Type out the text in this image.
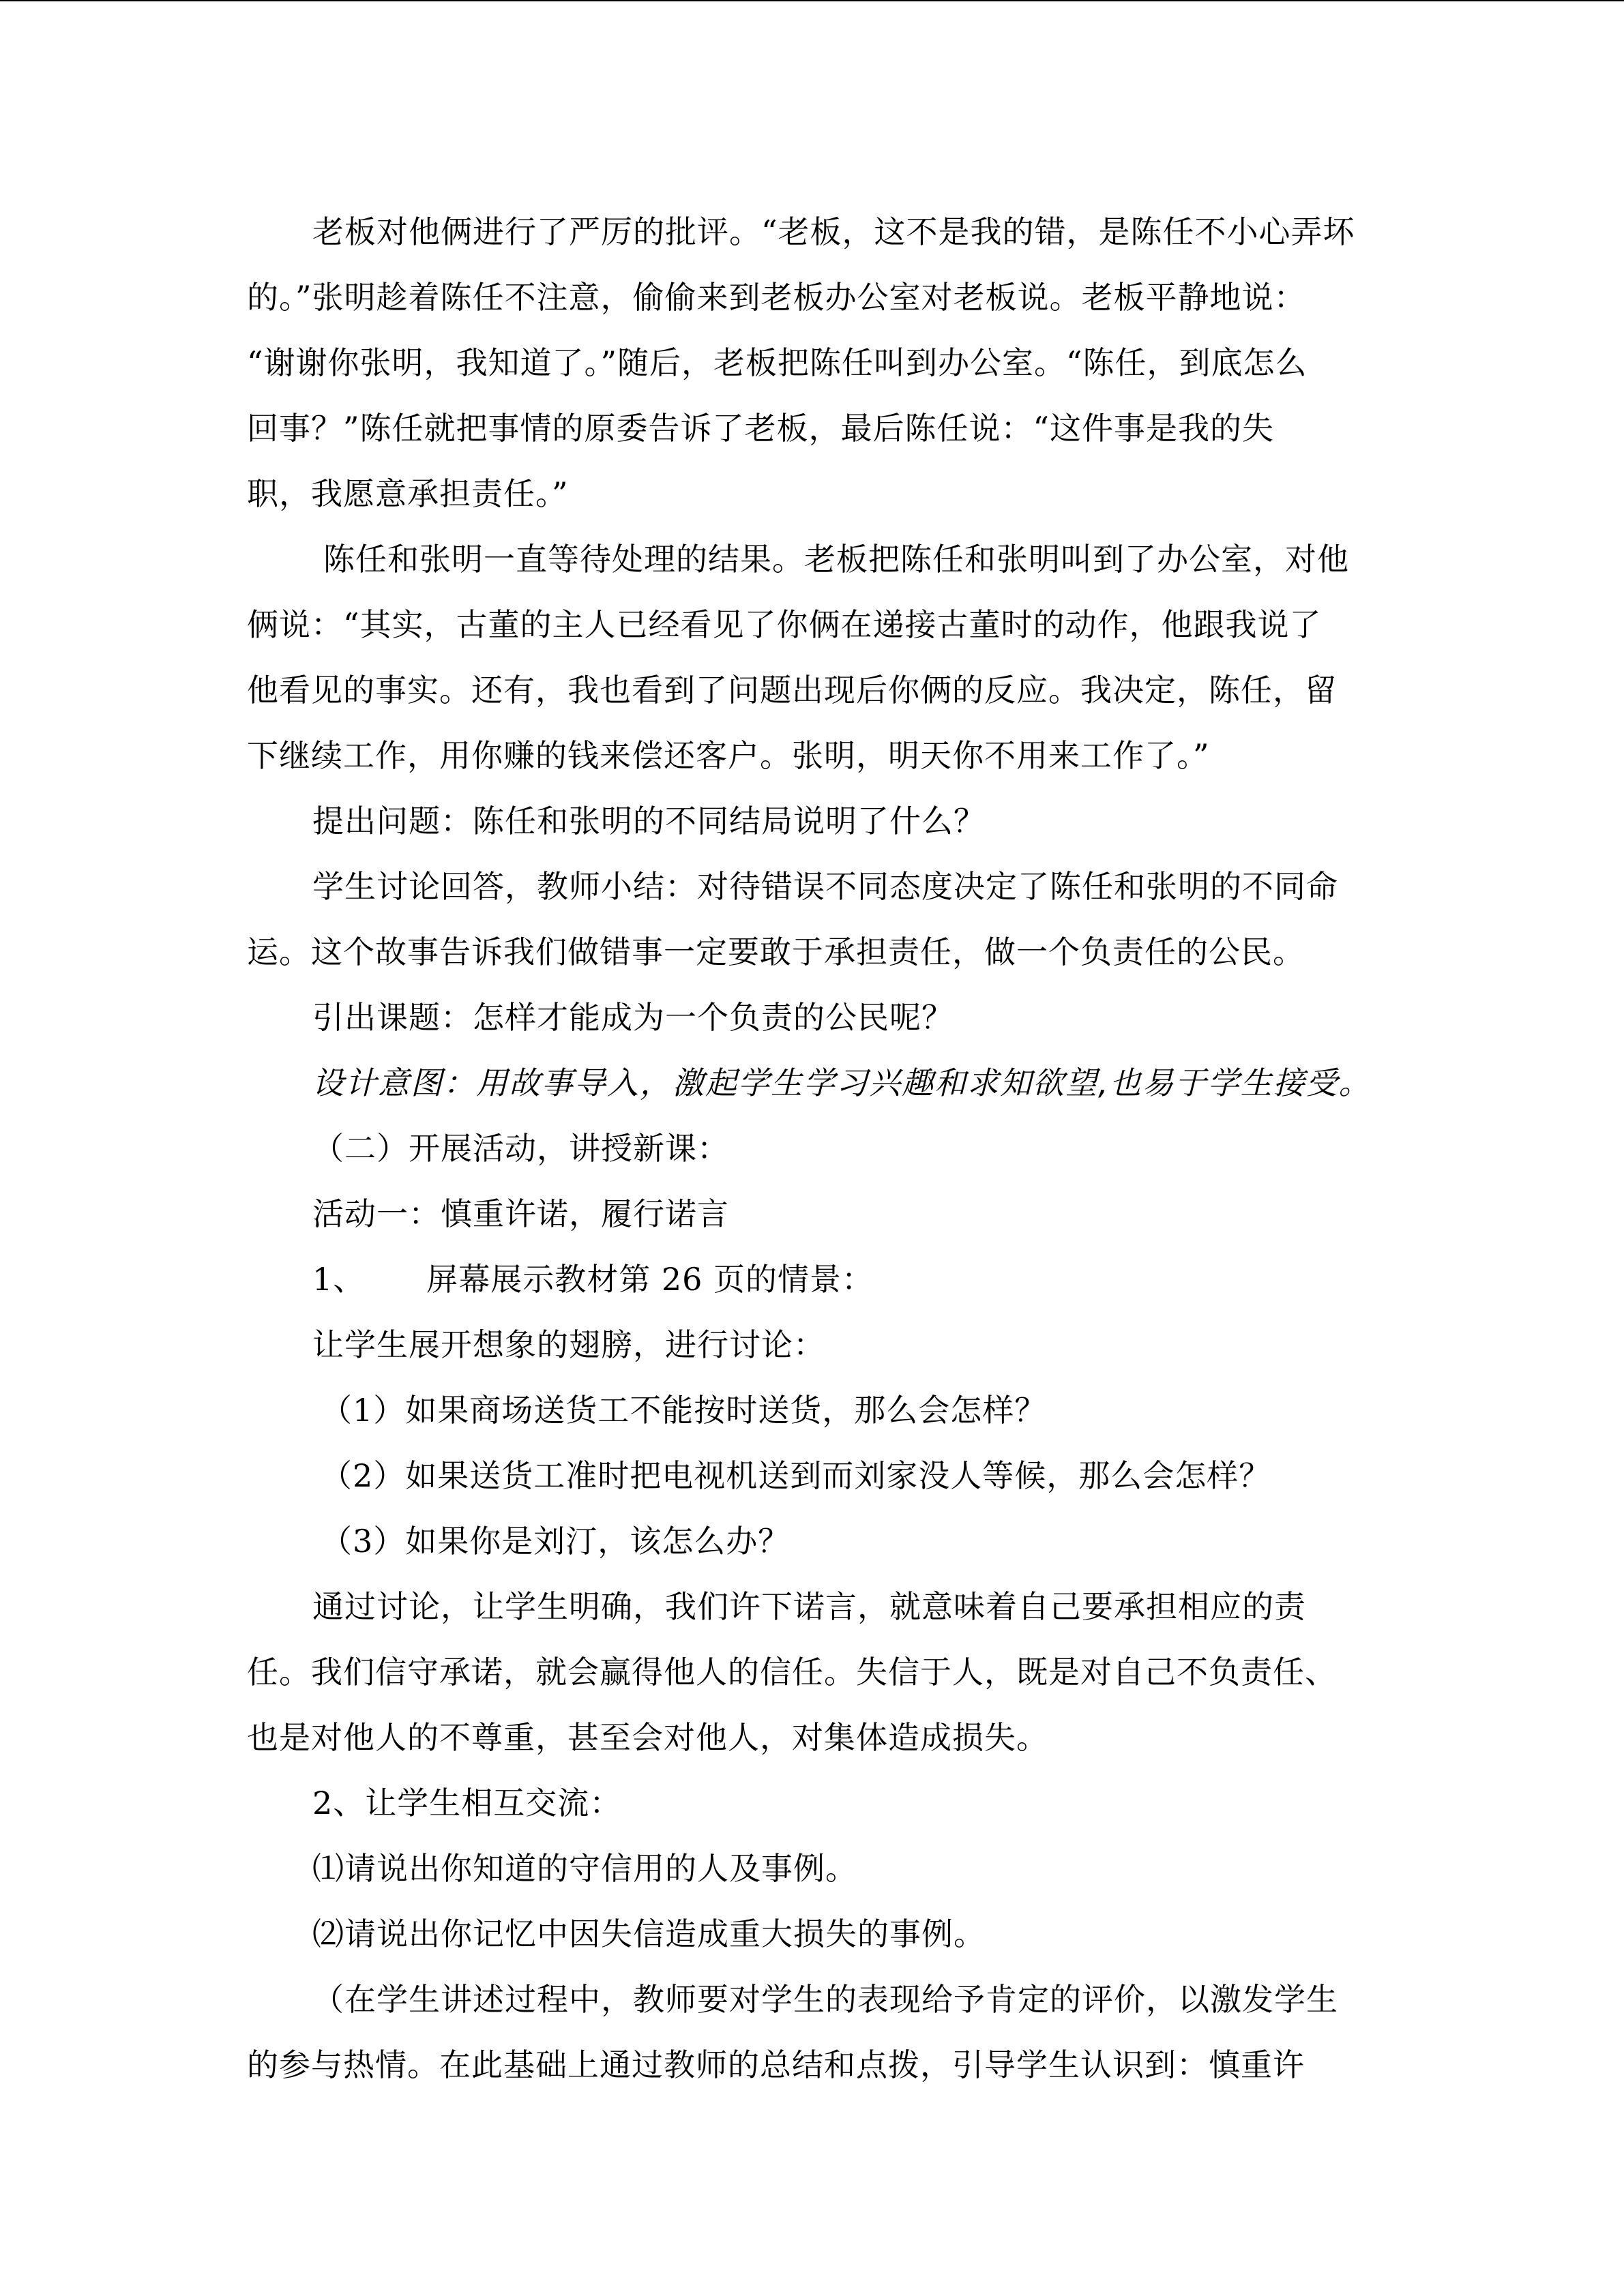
老板对他俩进行了严厉的批评。“老板，这不是我的错，是陈任不小心弄坏
的。”张明趁着陈任不注意，偷偷来到老板办公室对老板说。老板平静地说：
“谢谢你张明，我知道了。”随后，老板把陈任叫到办公室。“陈任，到底怎么
回事？”陈任就把事情的原委告诉了老板，最后陈任说：“这件事是我的失
职，我愿意承担责任。”
陈任和张明一直等待处理的结果。老板把陈任和张明叫到了办公室，对他
俩说：“其实，古董的主人已经看见了你俩在递接古董时的动作，他跟我说了
他看见的事实。还有，我也看到了问题出现后你俩的反应。我决定，陈任，留
下继续工作，用你赚的钱来偿还客户。张明，明天你不用来工作了。”
提出问题：陈任和张明的不同结局说明了什么？
学生讨论回答，教师小结：对待错误不同态度决定了陈任和张明的不同命
运。这个故事告诉我们做错事一定要敢于承担责任，做一个负责任的公民。
引出课题：怎样才能成为一个负责的公民呢？
设计意图：用故事导入，激起学生学习兴趣和求知欲望,也易于学生接受。
（二）开展活动，讲授新课：
活动一：慎重许诺，履行诺言
1、 屏幕展示教材第 26 页的情景：
让学生展开想象的翅膀，进行讨论：
（1）如果商场送货工不能按时送货，那么会怎样？
（2）如果送货工准时把电视机送到而刘家没人等候，那么会怎样？
（3）如果你是刘汀，该怎么办？
通过讨论，让学生明确，我们许下诺言，就意味着自己要承担相应的责
任。我们信守承诺，就会赢得他人的信任。失信于人，既是对自己不负责任、
也是对他人的不尊重，甚至会对他人，对集体造成损失。
2、让学生相互交流：
⑴请说出你知道的守信用的人及事例。
⑵请说出你记忆中因失信造成重大损失的事例。
（在学生讲述过程中，教师要对学生的表现给予肯定的评价，以激发学生
的参与热情。在此基础上通过教师的总结和点拨，引导学生认识到：慎重许
